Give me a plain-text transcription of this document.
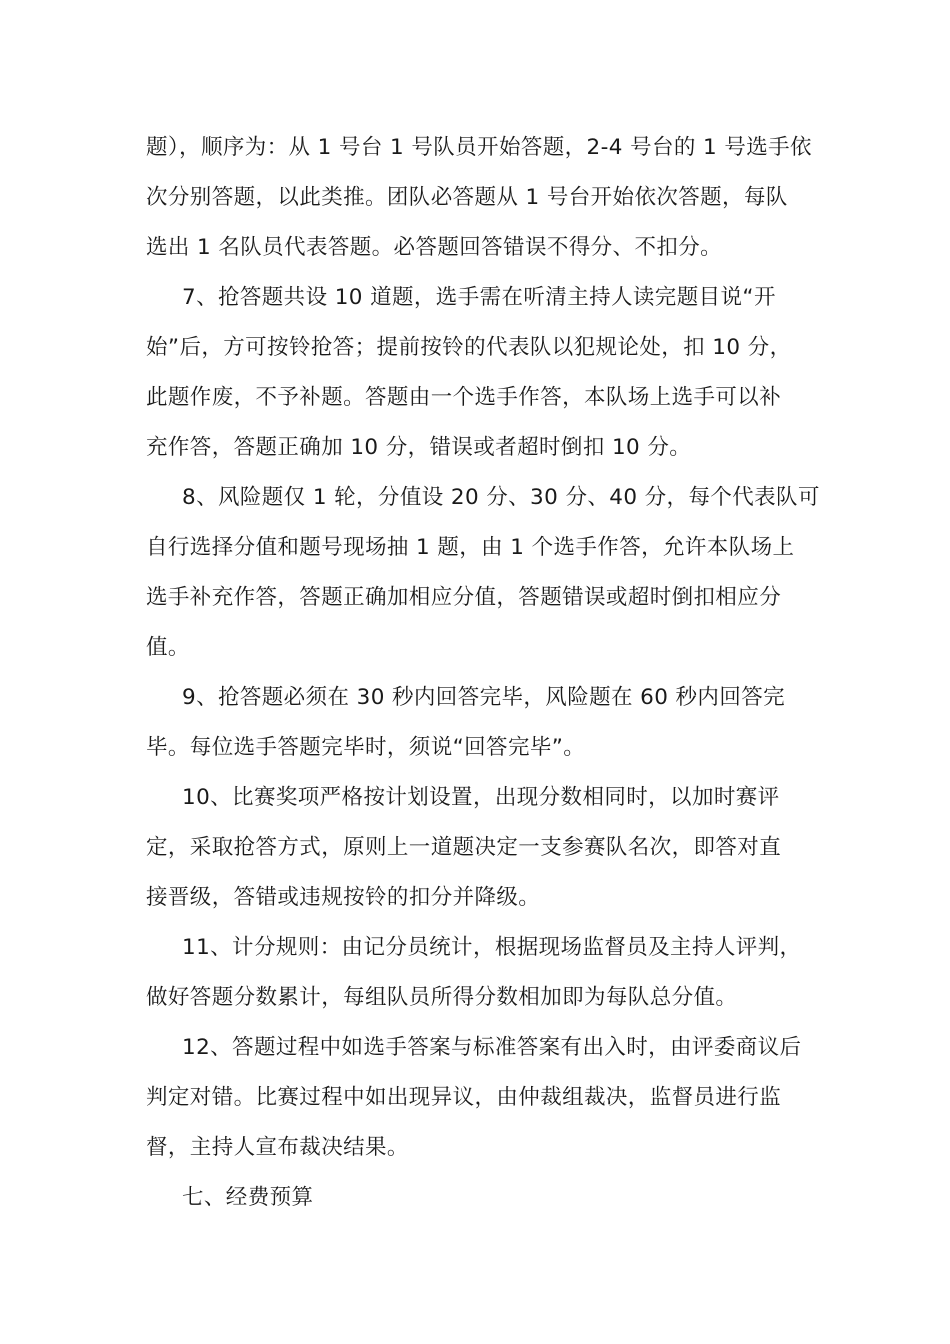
题），顺序为：从 1 号台 1 号队员开始答题，2-4 号台的 1 号选手依
次分别答题，以此类推。团队必答题从 1 号台开始依次答题，每队
选出 1 名队员代表答题。必答题回答错误不得分、不扣分。
7、抢答题共设 10 道题，选手需在听清主持人读完题目说“开
始”后，方可按铃抢答；提前按铃的代表队以犯规论处，扣 10 分，
此题作废，不予补题。答题由一个选手作答，本队场上选手可以补
充作答，答题正确加 10 分，错误或者超时倒扣 10 分。
8、风险题仅 1 轮，分值设 20 分、30 分、40 分，每个代表队可
自行选择分值和题号现场抽 1 题，由 1 个选手作答，允许本队场上
选手补充作答，答题正确加相应分值，答题错误或超时倒扣相应分
值。
9、抢答题必须在 30 秒内回答完毕，风险题在 60 秒内回答完
毕。每位选手答题完毕时，须说“回答完毕”。
10、比赛奖项严格按计划设置，出现分数相同时，以加时赛评
定，采取抢答方式，原则上一道题决定一支参赛队名次，即答对直
接晋级，答错或违规按铃的扣分并降级。
11、计分规则：由记分员统计，根据现场监督员及主持人评判，
做好答题分数累计，每组队员所得分数相加即为每队总分值。
12、答题过程中如选手答案与标准答案有出入时，由评委商议后
判定对错。比赛过程中如出现异议，由仲裁组裁决，监督员进行监
督，主持人宣布裁决结果。
七、经费预算
